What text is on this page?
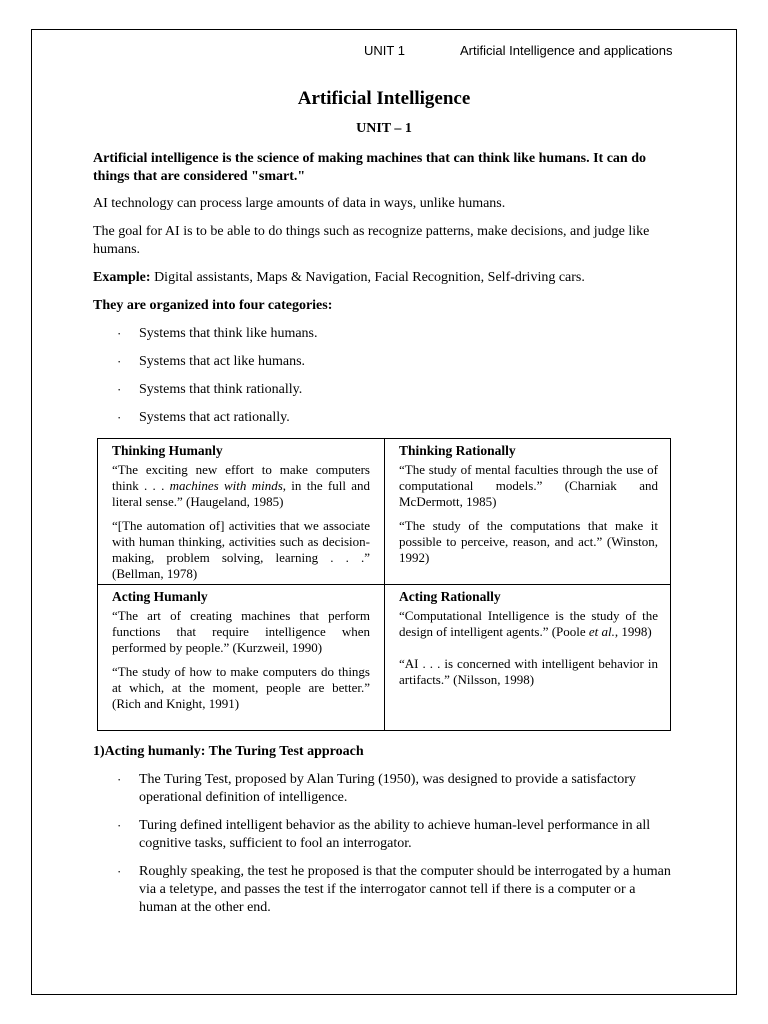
UNIT 1	Artificial Intelligence and applications
Artificial Intelligence
UNIT – 1

Artificial intelligence is the science of making machines that can think like humans. It can do things that are considered "smart."

AI technology can process large amounts of data in ways, unlike humans.

The goal for AI is to be able to do things such as recognize patterns, make decisions, and judge like humans.

Example: Digital assistants, Maps & Navigation, Facial Recognition, Self-driving cars.

They are organized into four categories:

· Systems that think like humans.
· Systems that act like humans.
· Systems that think rationally.
· Systems that act rationally.
Thinking Humanly
“The exciting new effort to make computers think . . . machines with minds, in the full and literal sense.” (Haugeland, 1985)
“[The automation of] activities that we associate with human thinking, activities such as decision-making, problem solving, learning . . .” (Bellman, 1978)
Thinking Rationally
“The study of mental faculties through the use of computational models.” (Charniak and McDermott, 1985)
“The study of the computations that make it possible to perceive, reason, and act.” (Winston, 1992)
Acting Humanly
“The art of creating machines that perform functions that require intelligence when performed by people.” (Kurzweil, 1990)
“The study of how to make computers do things at which, at the moment, people are better.” (Rich and Knight, 1991)
Acting Rationally
“Computational Intelligence is the study of the design of intelligent agents.” (Poole et al., 1998)
“AI . . . is concerned with intelligent behavior in artifacts.” (Nilsson, 1998)

1)Acting humanly: The Turing Test approach

· The Turing Test, proposed by Alan Turing (1950), was designed to provide a satisfactory operational definition of intelligence.
· Turing defined intelligent behavior as the ability to achieve human-level performance in all cognitive tasks, sufficient to fool an interrogator.
· Roughly speaking, the test he proposed is that the computer should be interrogated by a human via a teletype, and passes the test if the interrogator cannot tell if there is a computer or a human at the other end.
